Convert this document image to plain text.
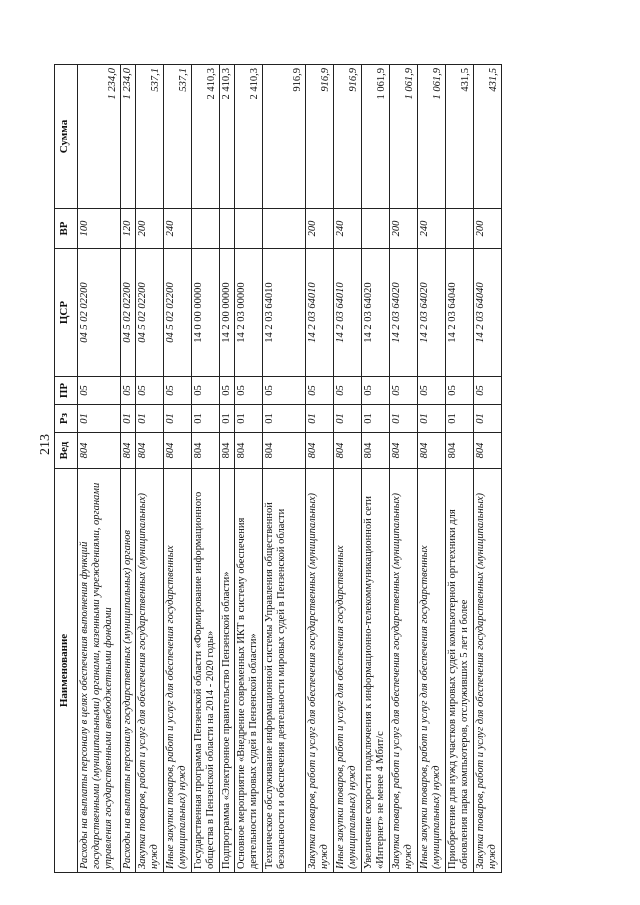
213
Наименование	Вед	Рз	ПР	ЦСР	ВР	Сумма
Расходы на выплаты персоналу в целях обеспечения выполнения функций государственными (муниципальными) органами, казенными учреждениями, органами управления государственными внебюджетными фондами	804	01	05	04 5 02 02200	100	1 234,0
Расходы на выплаты персоналу государственных (муниципальных) органов	804	01	05	04 5 02 02200	120	1 234,0
Закупка товаров, работ и услуг для обеспечения государственных (муниципальных) нужд	804	01	05	04 5 02 02200	200	537,1
Иные закупки товаров, работ и услуг для обеспечения государственных (муниципальных) нужд	804	01	05	04 5 02 02200	240	537,1
Государственная программа Пензенской области «Формирование информационного общества в Пензенской области на 2014 - 2020 годы»	804	01	05	14 0 00 00000		2 410,3
Подпрограмма «Электронное правительство Пензенской области»	804	01	05	14 2 00 00000		2 410,3
Основное мероприятие «Внедрение современных ИКТ в систему обеспечения деятельности мировых судей в Пензенской области»	804	01	05	14 2 03 00000		2 410,3
Техническое обслуживание информационной системы Управления общественной безопасности и обеспечения деятельности мировых судей в Пензенской области	804	01	05	14 2 03 64010		916,9
Закупка товаров, работ и услуг для обеспечения государственных (муниципальных) нужд	804	01	05	14 2 03 64010	200	916,9
Иные закупки товаров, работ и услуг для обеспечения государственных (муниципальных) нужд	804	01	05	14 2 03 64010	240	916,9
Увеличение скорости подключения к информационно-телекоммуникационной сети «Интернет» не менее 4 Мбит/с	804	01	05	14 2 03 64020		1 061,9
Закупка товаров, работ и услуг для обеспечения государственных (муниципальных) нужд	804	01	05	14 2 03 64020	200	1 061,9
Иные закупки товаров, работ и услуг для обеспечения государственных (муниципальных) нужд	804	01	05	14 2 03 64020	240	1 061,9
Приобретение для нужд участков мировых судей компьютерной оргтехники для обновления парка компьютеров, отслуживших 5 лет и более	804	01	05	14 2 03 64040		431,5
Закупка товаров, работ и услуг для обеспечения государственных (муниципальных) нужд	804	01	05	14 2 03 64040	200	431,5
